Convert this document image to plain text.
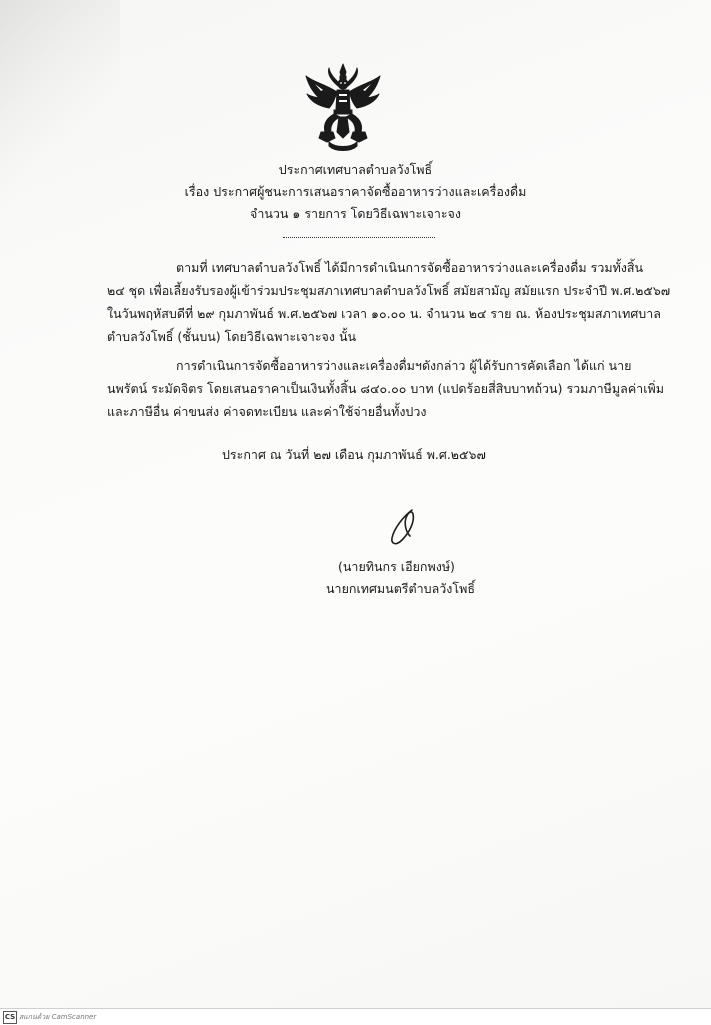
ประกาศเทศบาลตำบลวังโพธิ์
เรื่อง ประกาศผู้ชนะการเสนอราคาจัดซื้ออาหารว่างและเครื่องดื่ม
จำนวน ๑ รายการ โดยวิธีเฉพาะเจาะจง
ตามที่ เทศบาลตำบลวังโพธิ์ ได้มีการดำเนินการจัดซื้ออาหารว่างและเครื่องดื่ม รวมทั้งสิ้น
๒๔ ชุด เพื่อเลี้ยงรับรองผู้เข้าร่วมประชุมสภาเทศบาลตำบลวังโพธิ์ สมัยสามัญ สมัยแรก ประจำปี พ.ศ.๒๕๖๗
ในวันพฤหัสบดีที่ ๒๙ กุมภาพันธ์ พ.ศ.๒๕๖๗ เวลา ๑๐.๐๐ น. จำนวน ๒๔ ราย ณ. ห้องประชุมสภาเทศบาล
ตำบลวังโพธิ์ (ชั้นบน) โดยวิธีเฉพาะเจาะจง นั้น
การดำเนินการจัดซื้ออาหารว่างและเครื่องดื่มฯดังกล่าว ผู้ได้รับการคัดเลือก ได้แก่ นาย
นพรัตน์ ระมัดจิตร โดยเสนอราคาเป็นเงินทั้งสิ้น ๘๔๐.๐๐ บาท (แปดร้อยสี่สิบบาทถ้วน) รวมภาษีมูลค่าเพิ่ม
และภาษีอื่น ค่าขนส่ง ค่าจดทะเบียน และค่าใช้จ่ายอื่นทั้งปวง
ประกาศ ณ วันที่ ๒๗ เดือน กุมภาพันธ์ พ.ศ.๒๕๖๗
(นายทินกร เอียกพงษ์)
นายกเทศมนตรีตำบลวังโพธิ์
CS สแกนด้วย CamScanner
